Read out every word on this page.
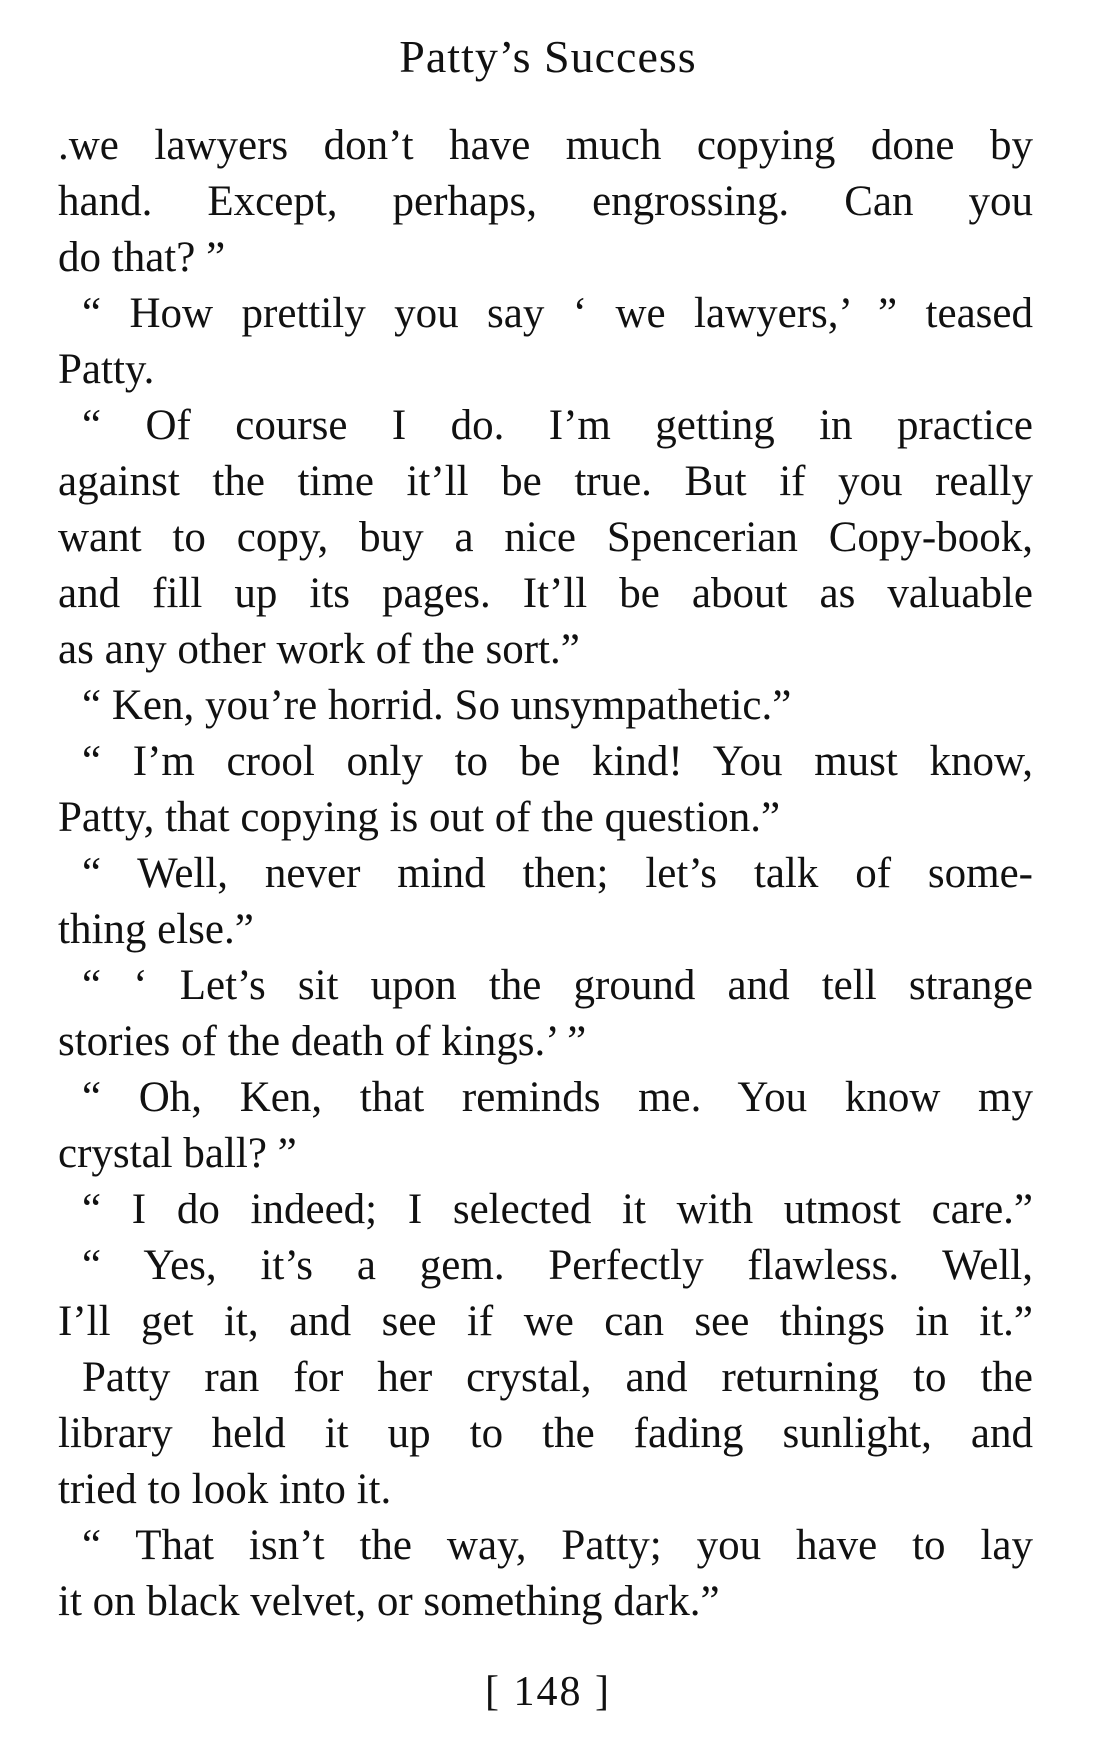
Patty’s Success
.we lawyers don’t have much copying done by
hand. Except, perhaps, engrossing. Can you
do that? ”
“ How prettily you say ‘ we lawyers,’ ” teased
Patty.
“ Of course I do. I’m getting in practice
against the time it’ll be true. But if you really
want to copy, buy a nice Spencerian Copy-book,
and fill up its pages. It’ll be about as valuable
as any other work of the sort.”
“ Ken, you’re horrid. So unsympathetic.”
“ I’m crool only to be kind! You must know,
Patty, that copying is out of the question.”
“ Well, never mind then; let’s talk of some-
thing else.”
“ ‘ Let’s sit upon the ground and tell strange
stories of the death of kings.’ ”
“ Oh, Ken, that reminds me. You know my
crystal ball? ”
“ I do indeed; I selected it with utmost care.”
“ Yes, it’s a gem. Perfectly flawless. Well,
I’ll get it, and see if we can see things in it.”
Patty ran for her crystal, and returning to the
library held it up to the fading sunlight, and
tried to look into it.
“ That isn’t the way, Patty; you have to lay
it on black velvet, or something dark.”
[ 148 ]
